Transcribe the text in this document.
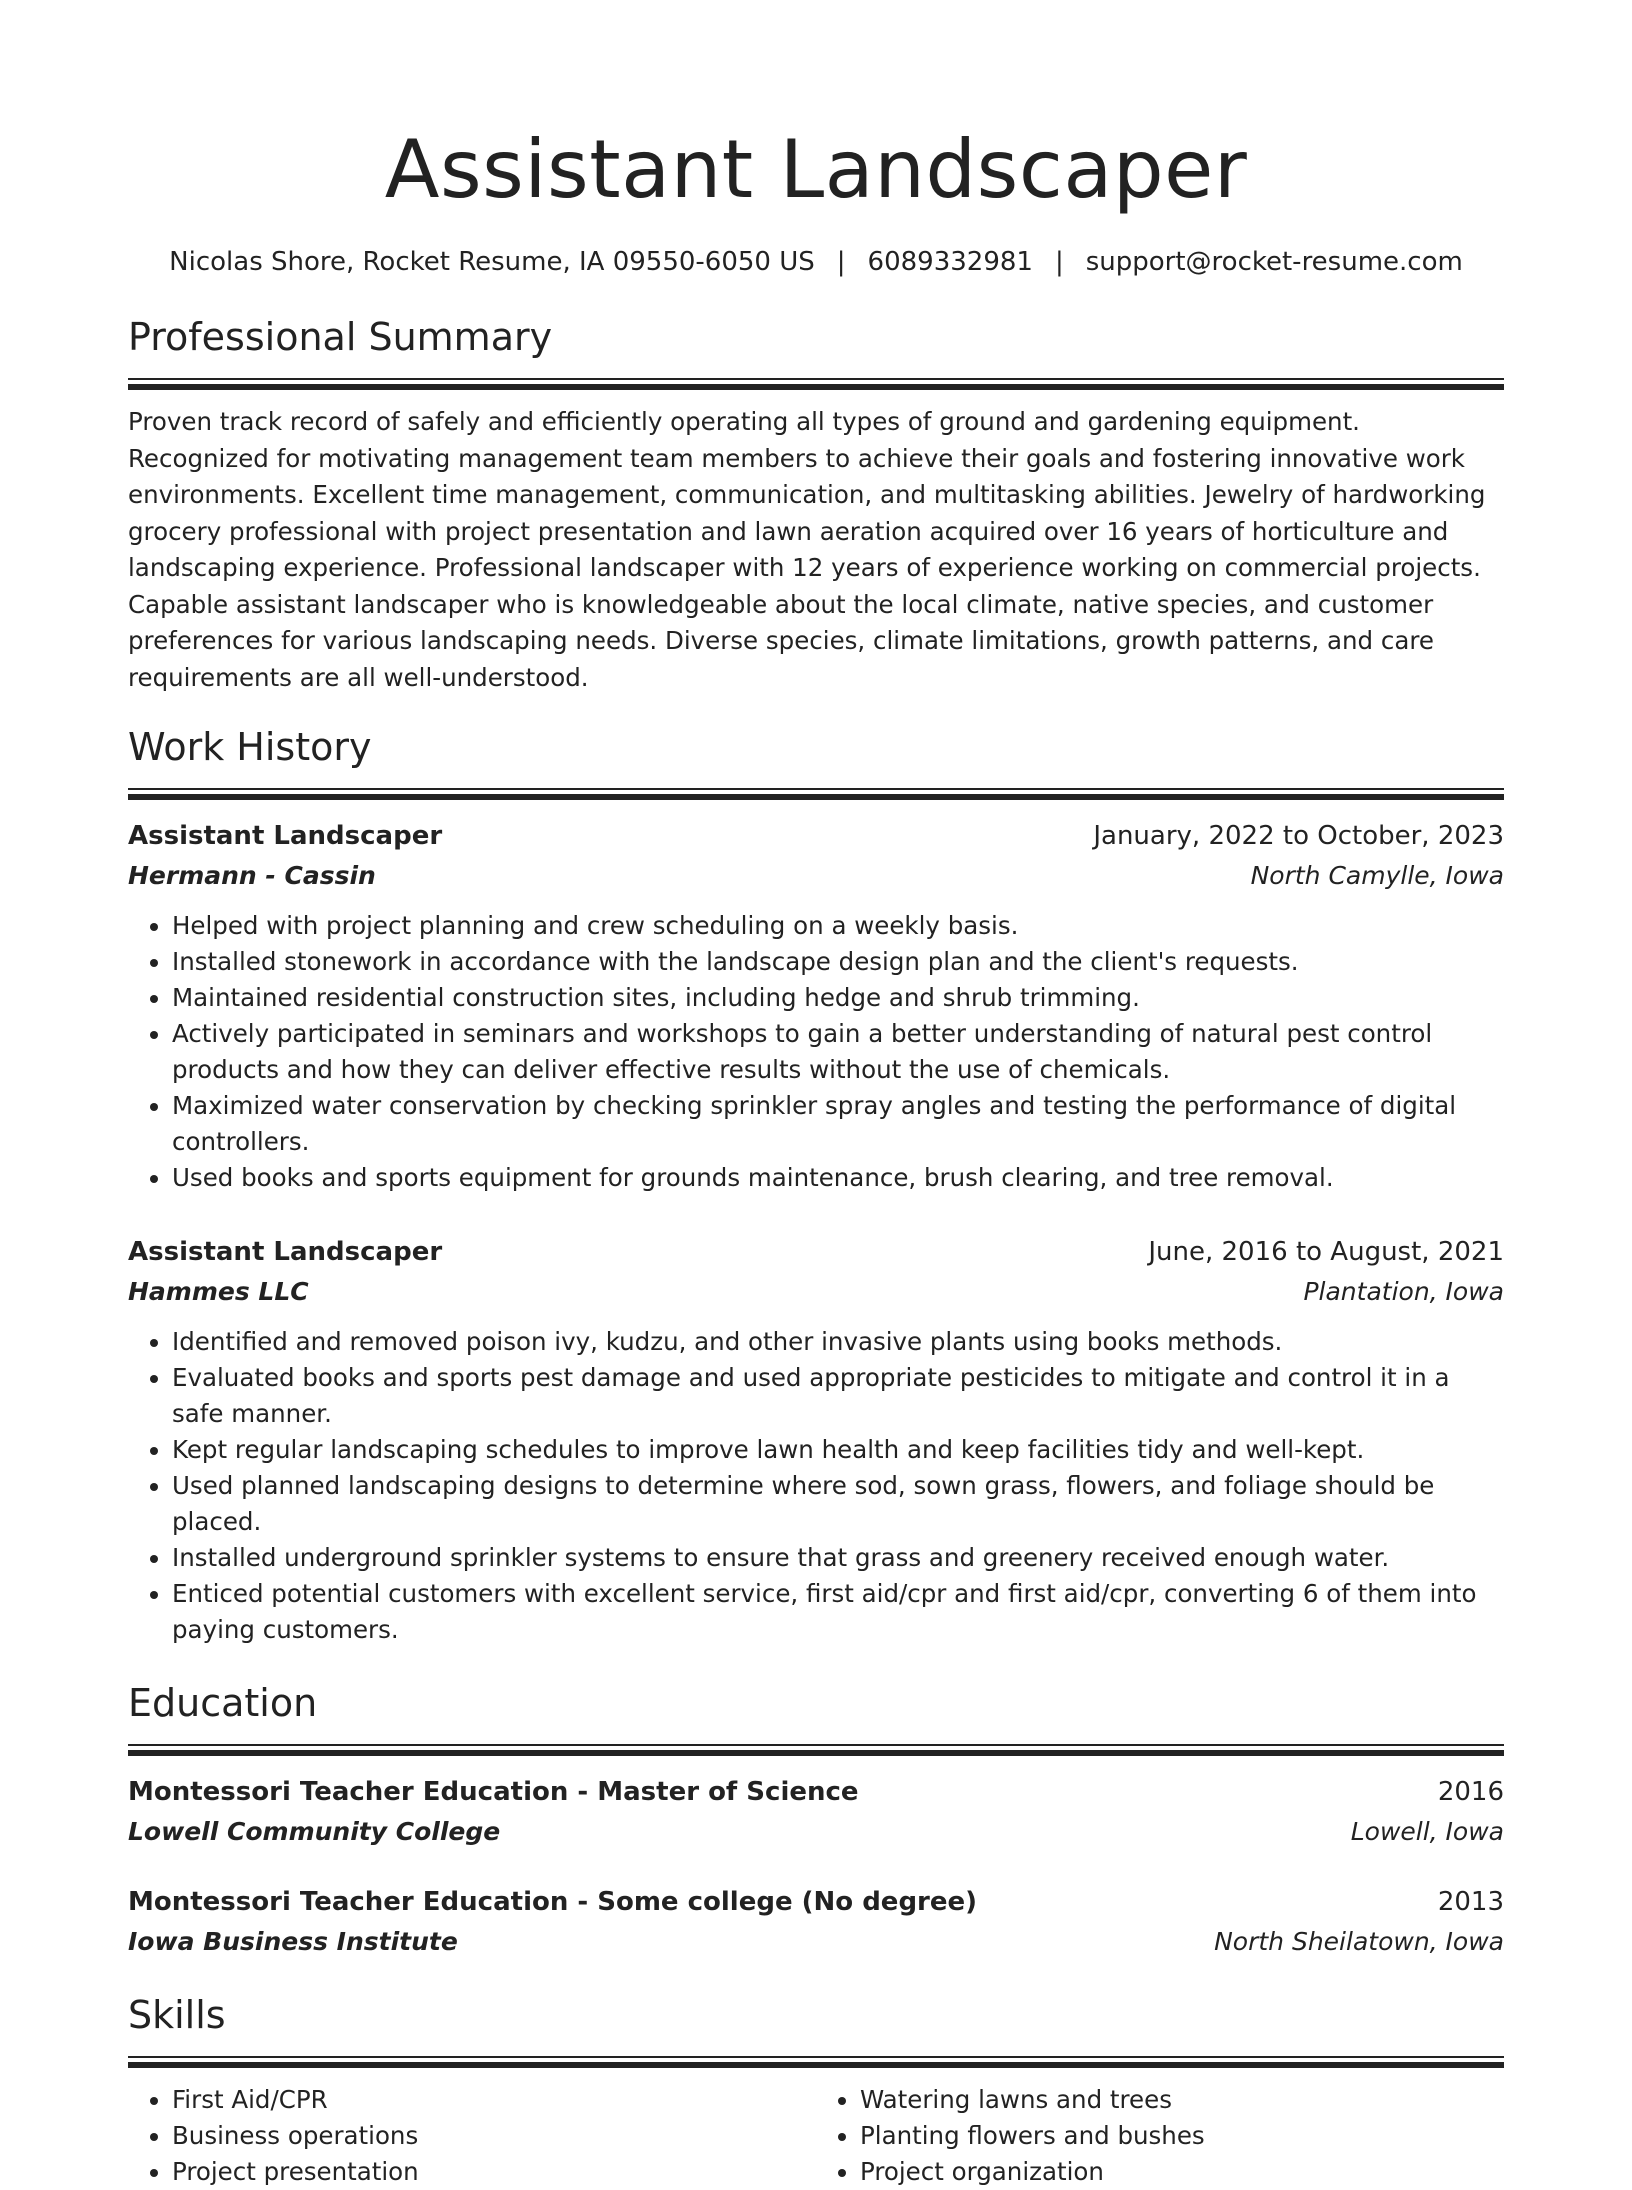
Assistant Landscaper
Nicolas Shore, Rocket Resume, IA 09550-6050 US | 6089332981 | support@rocket-resume.com
Professional Summary
Proven track record of safely and efficiently operating all types of ground and gardening equipment. Recognized for motivating management team members to achieve their goals and fostering innovative work environments. Excellent time management, communication, and multitasking abilities. Jewelry of hardworking grocery professional with project presentation and lawn aeration acquired over 16 years of horticulture and landscaping experience. Professional landscaper with 12 years of experience working on commercial projects. Capable assistant landscaper who is knowledgeable about the local climate, native species, and customer preferences for various landscaping needs. Diverse species, climate limitations, growth patterns, and care requirements are all well-understood.
Work History
Assistant Landscaper	January, 2022 to October, 2023
Hermann - Cassin	North Camylle, Iowa
• Helped with project planning and crew scheduling on a weekly basis.
• Installed stonework in accordance with the landscape design plan and the client's requests.
• Maintained residential construction sites, including hedge and shrub trimming.
• Actively participated in seminars and workshops to gain a better understanding of natural pest control products and how they can deliver effective results without the use of chemicals.
• Maximized water conservation by checking sprinkler spray angles and testing the performance of digital controllers.
• Used books and sports equipment for grounds maintenance, brush clearing, and tree removal.
Assistant Landscaper	June, 2016 to August, 2021
Hammes LLC	Plantation, Iowa
• Identified and removed poison ivy, kudzu, and other invasive plants using books methods.
• Evaluated books and sports pest damage and used appropriate pesticides to mitigate and control it in a safe manner.
• Kept regular landscaping schedules to improve lawn health and keep facilities tidy and well-kept.
• Used planned landscaping designs to determine where sod, sown grass, flowers, and foliage should be placed.
• Installed underground sprinkler systems to ensure that grass and greenery received enough water.
• Enticed potential customers with excellent service, first aid/cpr and first aid/cpr, converting 6 of them into paying customers.
Education
Montessori Teacher Education - Master of Science	2016
Lowell Community College	Lowell, Iowa
Montessori Teacher Education - Some college (No degree)	2013
Iowa Business Institute	North Sheilatown, Iowa
Skills
• First Aid/CPR
• Business operations
• Project presentation
• Watering lawns and trees
• Planting flowers and bushes
• Project organization
